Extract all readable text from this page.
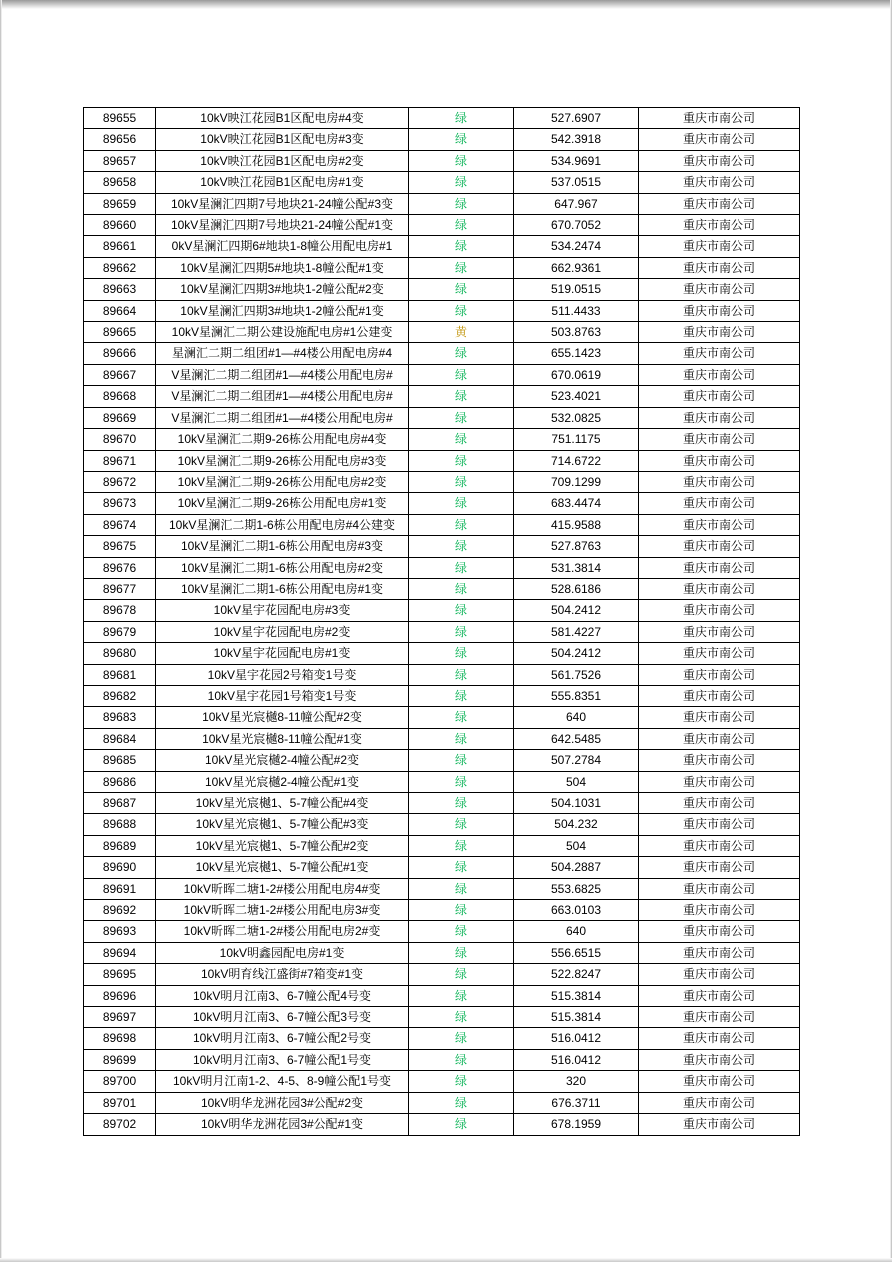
89655	10kV映江花园B1区配电房#4变	绿	527.6907	重庆市南公司
89656	10kV映江花园B1区配电房#3变	绿	542.3918	重庆市南公司
89657	10kV映江花园B1区配电房#2变	绿	534.9691	重庆市南公司
89658	10kV映江花园B1区配电房#1变	绿	537.0515	重庆市南公司
89659	10kV星澜汇四期7号地块21-24幢公配#3变	绿	647.967	重庆市南公司
89660	10kV星澜汇四期7号地块21-24幢公配#1变	绿	670.7052	重庆市南公司
89661	0kV星澜汇四期6#地块1-8幢公用配电房#1	绿	534.2474	重庆市南公司
89662	10kV星澜汇四期5#地块1-8幢公配#1变	绿	662.9361	重庆市南公司
89663	10kV星澜汇四期3#地块1-2幢公配#2变	绿	519.0515	重庆市南公司
89664	10kV星澜汇四期3#地块1-2幢公配#1变	绿	511.4433	重庆市南公司
89665	10kV星澜汇二期公建设施配电房#1公建变	黄	503.8763	重庆市南公司
89666	星澜汇二期二组团#1—#4楼公用配电房#4	绿	655.1423	重庆市南公司
89667	V星澜汇二期二组团#1—#4楼公用配电房#	绿	670.0619	重庆市南公司
89668	V星澜汇二期二组团#1—#4楼公用配电房#	绿	523.4021	重庆市南公司
89669	V星澜汇二期二组团#1—#4楼公用配电房#	绿	532.0825	重庆市南公司
89670	10kV星澜汇二期9-26栋公用配电房#4变	绿	751.1175	重庆市南公司
89671	10kV星澜汇二期9-26栋公用配电房#3变	绿	714.6722	重庆市南公司
89672	10kV星澜汇二期9-26栋公用配电房#2变	绿	709.1299	重庆市南公司
89673	10kV星澜汇二期9-26栋公用配电房#1变	绿	683.4474	重庆市南公司
89674	10kV星澜汇二期1-6栋公用配电房#4公建变	绿	415.9588	重庆市南公司
89675	10kV星澜汇二期1-6栋公用配电房#3变	绿	527.8763	重庆市南公司
89676	10kV星澜汇二期1-6栋公用配电房#2变	绿	531.3814	重庆市南公司
89677	10kV星澜汇二期1-6栋公用配电房#1变	绿	528.6186	重庆市南公司
89678	10kV星宇花园配电房#3变	绿	504.2412	重庆市南公司
89679	10kV星宇花园配电房#2变	绿	581.4227	重庆市南公司
89680	10kV星宇花园配电房#1变	绿	504.2412	重庆市南公司
89681	10kV星宇花园2号箱变1号变	绿	561.7526	重庆市南公司
89682	10kV星宇花园1号箱变1号变	绿	555.8351	重庆市南公司
89683	10kV星光宸樾8-11幢公配#2变	绿	640	重庆市南公司
89684	10kV星光宸樾8-11幢公配#1变	绿	642.5485	重庆市南公司
89685	10kV星光宸樾2-4幢公配#2变	绿	507.2784	重庆市南公司
89686	10kV星光宸樾2-4幢公配#1变	绿	504	重庆市南公司
89687	10kV星光宸樾1、5-7幢公配#4变	绿	504.1031	重庆市南公司
89688	10kV星光宸樾1、5-7幢公配#3变	绿	504.232	重庆市南公司
89689	10kV星光宸樾1、5-7幢公配#2变	绿	504	重庆市南公司
89690	10kV星光宸樾1、5-7幢公配#1变	绿	504.2887	重庆市南公司
89691	10kV昕晖二塘1-2#楼公用配电房4#变	绿	553.6825	重庆市南公司
89692	10kV昕晖二塘1-2#楼公用配电房3#变	绿	663.0103	重庆市南公司
89693	10kV昕晖二塘1-2#楼公用配电房2#变	绿	640	重庆市南公司
89694	10kV明鑫园配电房#1变	绿	556.6515	重庆市南公司
89695	10kV明育线江盛街#7箱变#1变	绿	522.8247	重庆市南公司
89696	10kV明月江南3、6-7幢公配4号变	绿	515.3814	重庆市南公司
89697	10kV明月江南3、6-7幢公配3号变	绿	515.3814	重庆市南公司
89698	10kV明月江南3、6-7幢公配2号变	绿	516.0412	重庆市南公司
89699	10kV明月江南3、6-7幢公配1号变	绿	516.0412	重庆市南公司
89700	10kV明月江南1-2、4-5、8-9幢公配1号变	绿	320	重庆市南公司
89701	10kV明华龙洲花园3#公配#2变	绿	676.3711	重庆市南公司
89702	10kV明华龙洲花园3#公配#1变	绿	678.1959	重庆市南公司
